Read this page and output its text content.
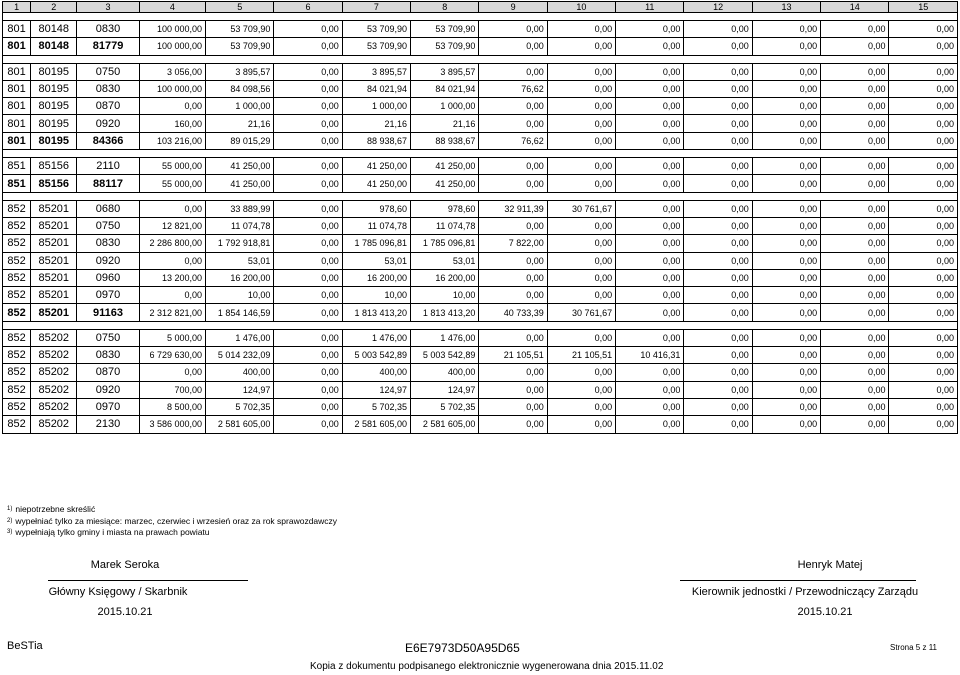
1	2	3	4	5	6	7	8	9	10	11	12	13	14	15

801	80148	0830	100 000,00	53 709,90	0,00	53 709,90	53 709,90	0,00	0,00	0,00	0,00	0,00	0,00	0,00
801	80148	81779	100 000,00	53 709,90	0,00	53 709,90	53 709,90	0,00	0,00	0,00	0,00	0,00	0,00	0,00

801	80195	0750	3 056,00	3 895,57	0,00	3 895,57	3 895,57	0,00	0,00	0,00	0,00	0,00	0,00	0,00
801	80195	0830	100 000,00	84 098,56	0,00	84 021,94	84 021,94	76,62	0,00	0,00	0,00	0,00	0,00	0,00
801	80195	0870	0,00	1 000,00	0,00	1 000,00	1 000,00	0,00	0,00	0,00	0,00	0,00	0,00	0,00
801	80195	0920	160,00	21,16	0,00	21,16	21,16	0,00	0,00	0,00	0,00	0,00	0,00	0,00
801	80195	84366	103 216,00	89 015,29	0,00	88 938,67	88 938,67	76,62	0,00	0,00	0,00	0,00	0,00	0,00

851	85156	2110	55 000,00	41 250,00	0,00	41 250,00	41 250,00	0,00	0,00	0,00	0,00	0,00	0,00	0,00
851	85156	88117	55 000,00	41 250,00	0,00	41 250,00	41 250,00	0,00	0,00	0,00	0,00	0,00	0,00	0,00

852	85201	0680	0,00	33 889,99	0,00	978,60	978,60	32 911,39	30 761,67	0,00	0,00	0,00	0,00	0,00
852	85201	0750	12 821,00	11 074,78	0,00	11 074,78	11 074,78	0,00	0,00	0,00	0,00	0,00	0,00	0,00
852	85201	0830	2 286 800,00	1 792 918,81	0,00	1 785 096,81	1 785 096,81	7 822,00	0,00	0,00	0,00	0,00	0,00	0,00
852	85201	0920	0,00	53,01	0,00	53,01	53,01	0,00	0,00	0,00	0,00	0,00	0,00	0,00
852	85201	0960	13 200,00	16 200,00	0,00	16 200,00	16 200,00	0,00	0,00	0,00	0,00	0,00	0,00	0,00
852	85201	0970	0,00	10,00	0,00	10,00	10,00	0,00	0,00	0,00	0,00	0,00	0,00	0,00
852	85201	91163	2 312 821,00	1 854 146,59	0,00	1 813 413,20	1 813 413,20	40 733,39	30 761,67	0,00	0,00	0,00	0,00	0,00

852	85202	0750	5 000,00	1 476,00	0,00	1 476,00	1 476,00	0,00	0,00	0,00	0,00	0,00	0,00	0,00
852	85202	0830	6 729 630,00	5 014 232,09	0,00	5 003 542,89	5 003 542,89	21 105,51	21 105,51	10 416,31	0,00	0,00	0,00	0,00
852	85202	0870	0,00	400,00	0,00	400,00	400,00	0,00	0,00	0,00	0,00	0,00	0,00	0,00
852	85202	0920	700,00	124,97	0,00	124,97	124,97	0,00	0,00	0,00	0,00	0,00	0,00	0,00
852	85202	0970	8 500,00	5 702,35	0,00	5 702,35	5 702,35	0,00	0,00	0,00	0,00	0,00	0,00	0,00
852	85202	2130	3 586 000,00	2 581 605,00	0,00	2 581 605,00	2 581 605,00	0,00	0,00	0,00	0,00	0,00	0,00	0,00
$^{1)}$ niepotrzebne skreślić
$^{2)}$ wypełniać tylko za miesiące: marzec, czerwiec i wrzesień oraz za rok sprawozdawczy
$^{3)}$ wypełniają tylko gminy i miasta na prawach powiatu
Marek Seroka
Główny Księgowy / Skarbnik
2015.10.21
Henryk Matej
Kierownik jednostki / Przewodniczący Zarządu
2015.10.21
BeSTia	E6E7973D50A95D65	Strona 5 z 11
Kopia z dokumentu podpisanego elektronicznie wygenerowana dnia 2015.11.02
